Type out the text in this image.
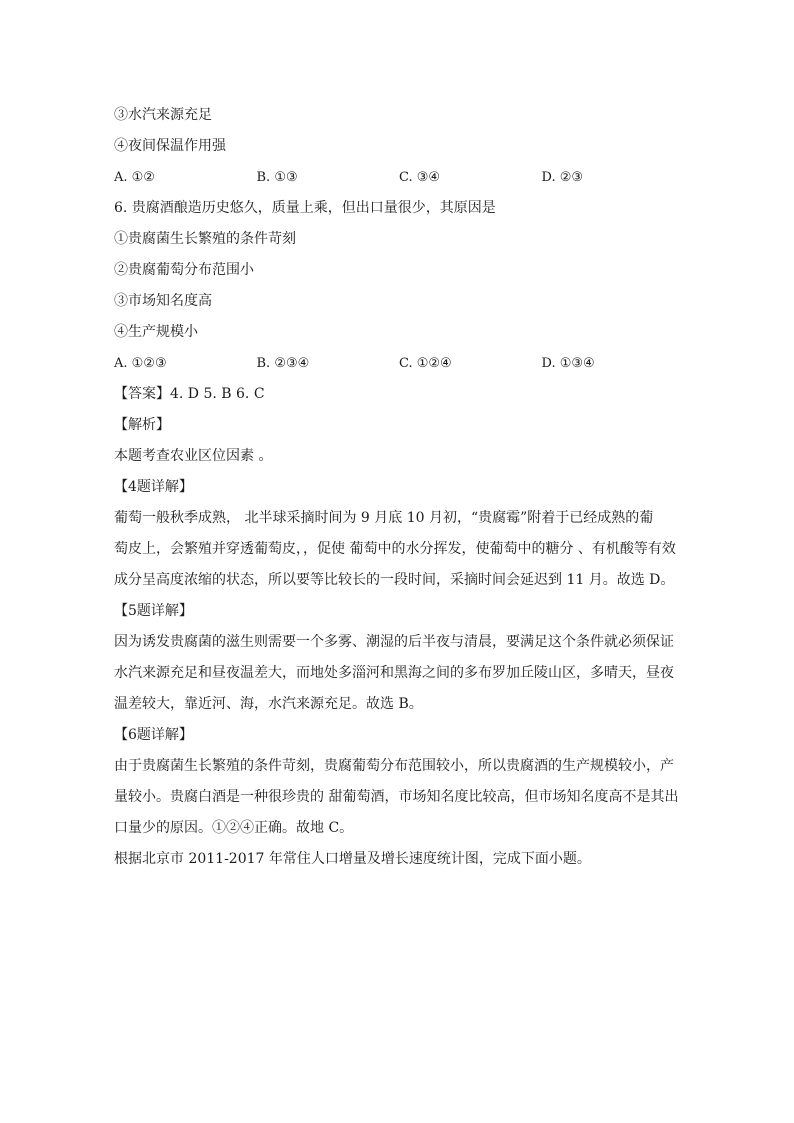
③水汽来源充足
④夜间保温作用强
A. ①②	B. ①③	C. ③④	D. ②③
6. 贵腐酒酿造历史悠久，质量上乘，但出口量很少，其原因是
①贵腐菌生长繁殖的条件苛刻
②贵腐葡萄分布范围小
③市场知名度高
④生产规模小
A. ①②③	B. ②③④	C. ①②④	D. ①③④
【答案】4. D 5. B 6. C
【解析】
本题考查农业区位因素 。
【4题详解】
葡萄一般秋季成熟， 北半球采摘时间为 9 月底 10 月初，“贵腐霉”附着于已经成熟的葡
萄皮上，会繁殖并穿透葡萄皮，，促使 葡萄中的水分挥发，使葡萄中的糖分 、有机酸等有效
成分呈高度浓缩的状态，所以要等比较长的一段时间，采摘时间会延迟到 11 月。故选 D。
【5题详解】
因为诱发贵腐菌的滋生则需要一个多雾、潮湿的后半夜与清晨，要满足这个条件就必须保证
水汽来源充足和昼夜温差大，而地处多淄河和黑海之间的多布罗加丘陵山区，多晴天，昼夜
温差较大，靠近河、海，水汽来源充足。故选 B。
【6题详解】
由于贵腐菌生长繁殖的条件苛刻，贵腐葡萄分布范围较小，所以贵腐酒的生产规模较小，产
量较小。贵腐白酒是一种很珍贵的 甜葡萄酒，市场知名度比较高，但市场知名度高不是其出
口量少的原因。①②④正确。故地 C。
根据北京市 2011-2017 年常住人口增量及增长速度统计图，完成下面小题。
